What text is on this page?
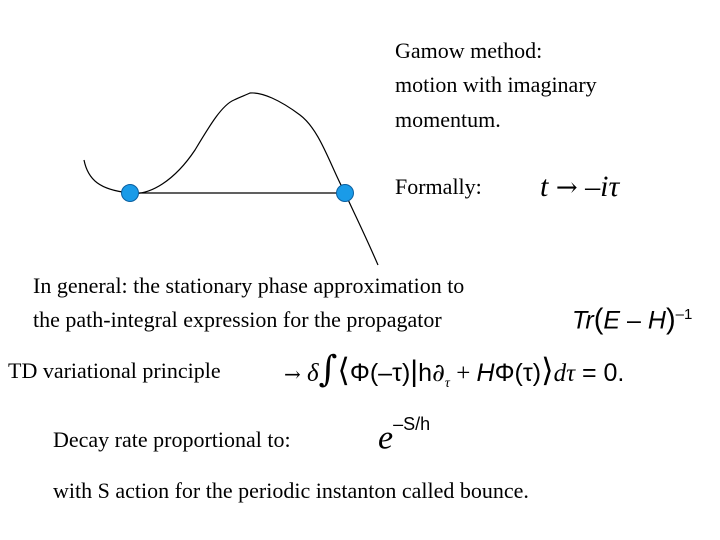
Gamow method:
motion with imaginary
momentum.
Formally: t → –iτ
In general: the stationary phase approximation to
the path-integral expression for the propagator	Tr(E – H)$^{-1}$
TD variational principle	→ $\delta\int⟨\Phi(-\tau)|h\partial_\tau$ + HΦ(τ)⟩dτ = 0.
Decay rate proportional to:	$e^{-S/h}$
with S action for the periodic instanton called bounce.
